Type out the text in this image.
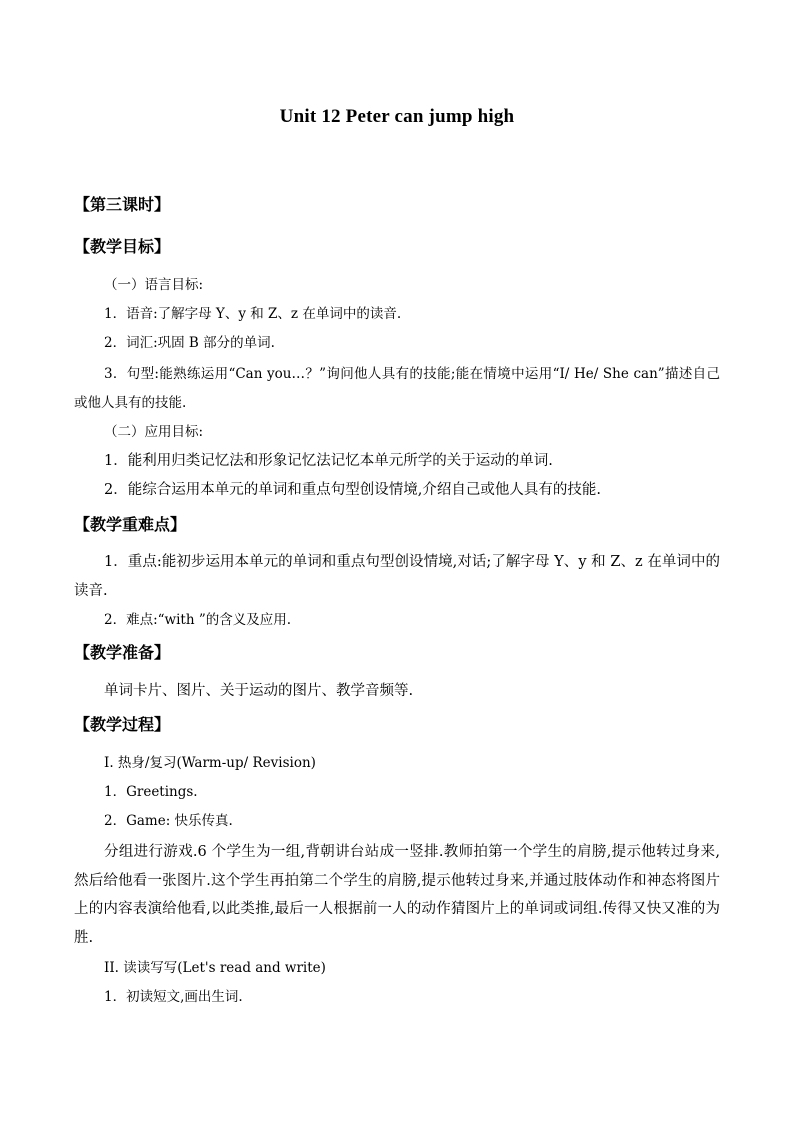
Unit 12 Peter can jump high
【第三课时】
【教学目标】
（一）语言目标:
1．语音:了解字母 Y、y 和 Z、z 在单词中的读音.
2．词汇:巩固 B 部分的单词.
3．句型:能熟练运用“Can you…？”询问他人具有的技能;能在情境中运用“I/ He/ She can”描述自己或他人具有的技能.
（二）应用目标:
1．能利用归类记忆法和形象记忆法记忆本单元所学的关于运动的单词.
2．能综合运用本单元的单词和重点句型创设情境,介绍自己或他人具有的技能.
【教学重难点】
1．重点:能初步运用本单元的单词和重点句型创设情境,对话;了解字母 Y、y 和 Z、z 在单词中的读音.
2．难点:“with ”的含义及应用.
【教学准备】
单词卡片、图片、关于运动的图片、教学音频等.
【教学过程】
I. 热身/复习(Warm-up/ Revision)
1．Greetings.
2．Game: 快乐传真.
分组进行游戏.6 个学生为一组,背朝讲台站成一竖排.教师拍第一个学生的肩膀,提示他转过身来,然后给他看一张图片.这个学生再拍第二个学生的肩膀,提示他转过身来,并通过肢体动作和神态将图片上的内容表演给他看,以此类推,最后一人根据前一人的动作猜图片上的单词或词组.传得又快又准的为胜.
II. 读读写写(Let's read and write)
1．初读短文,画出生词.
